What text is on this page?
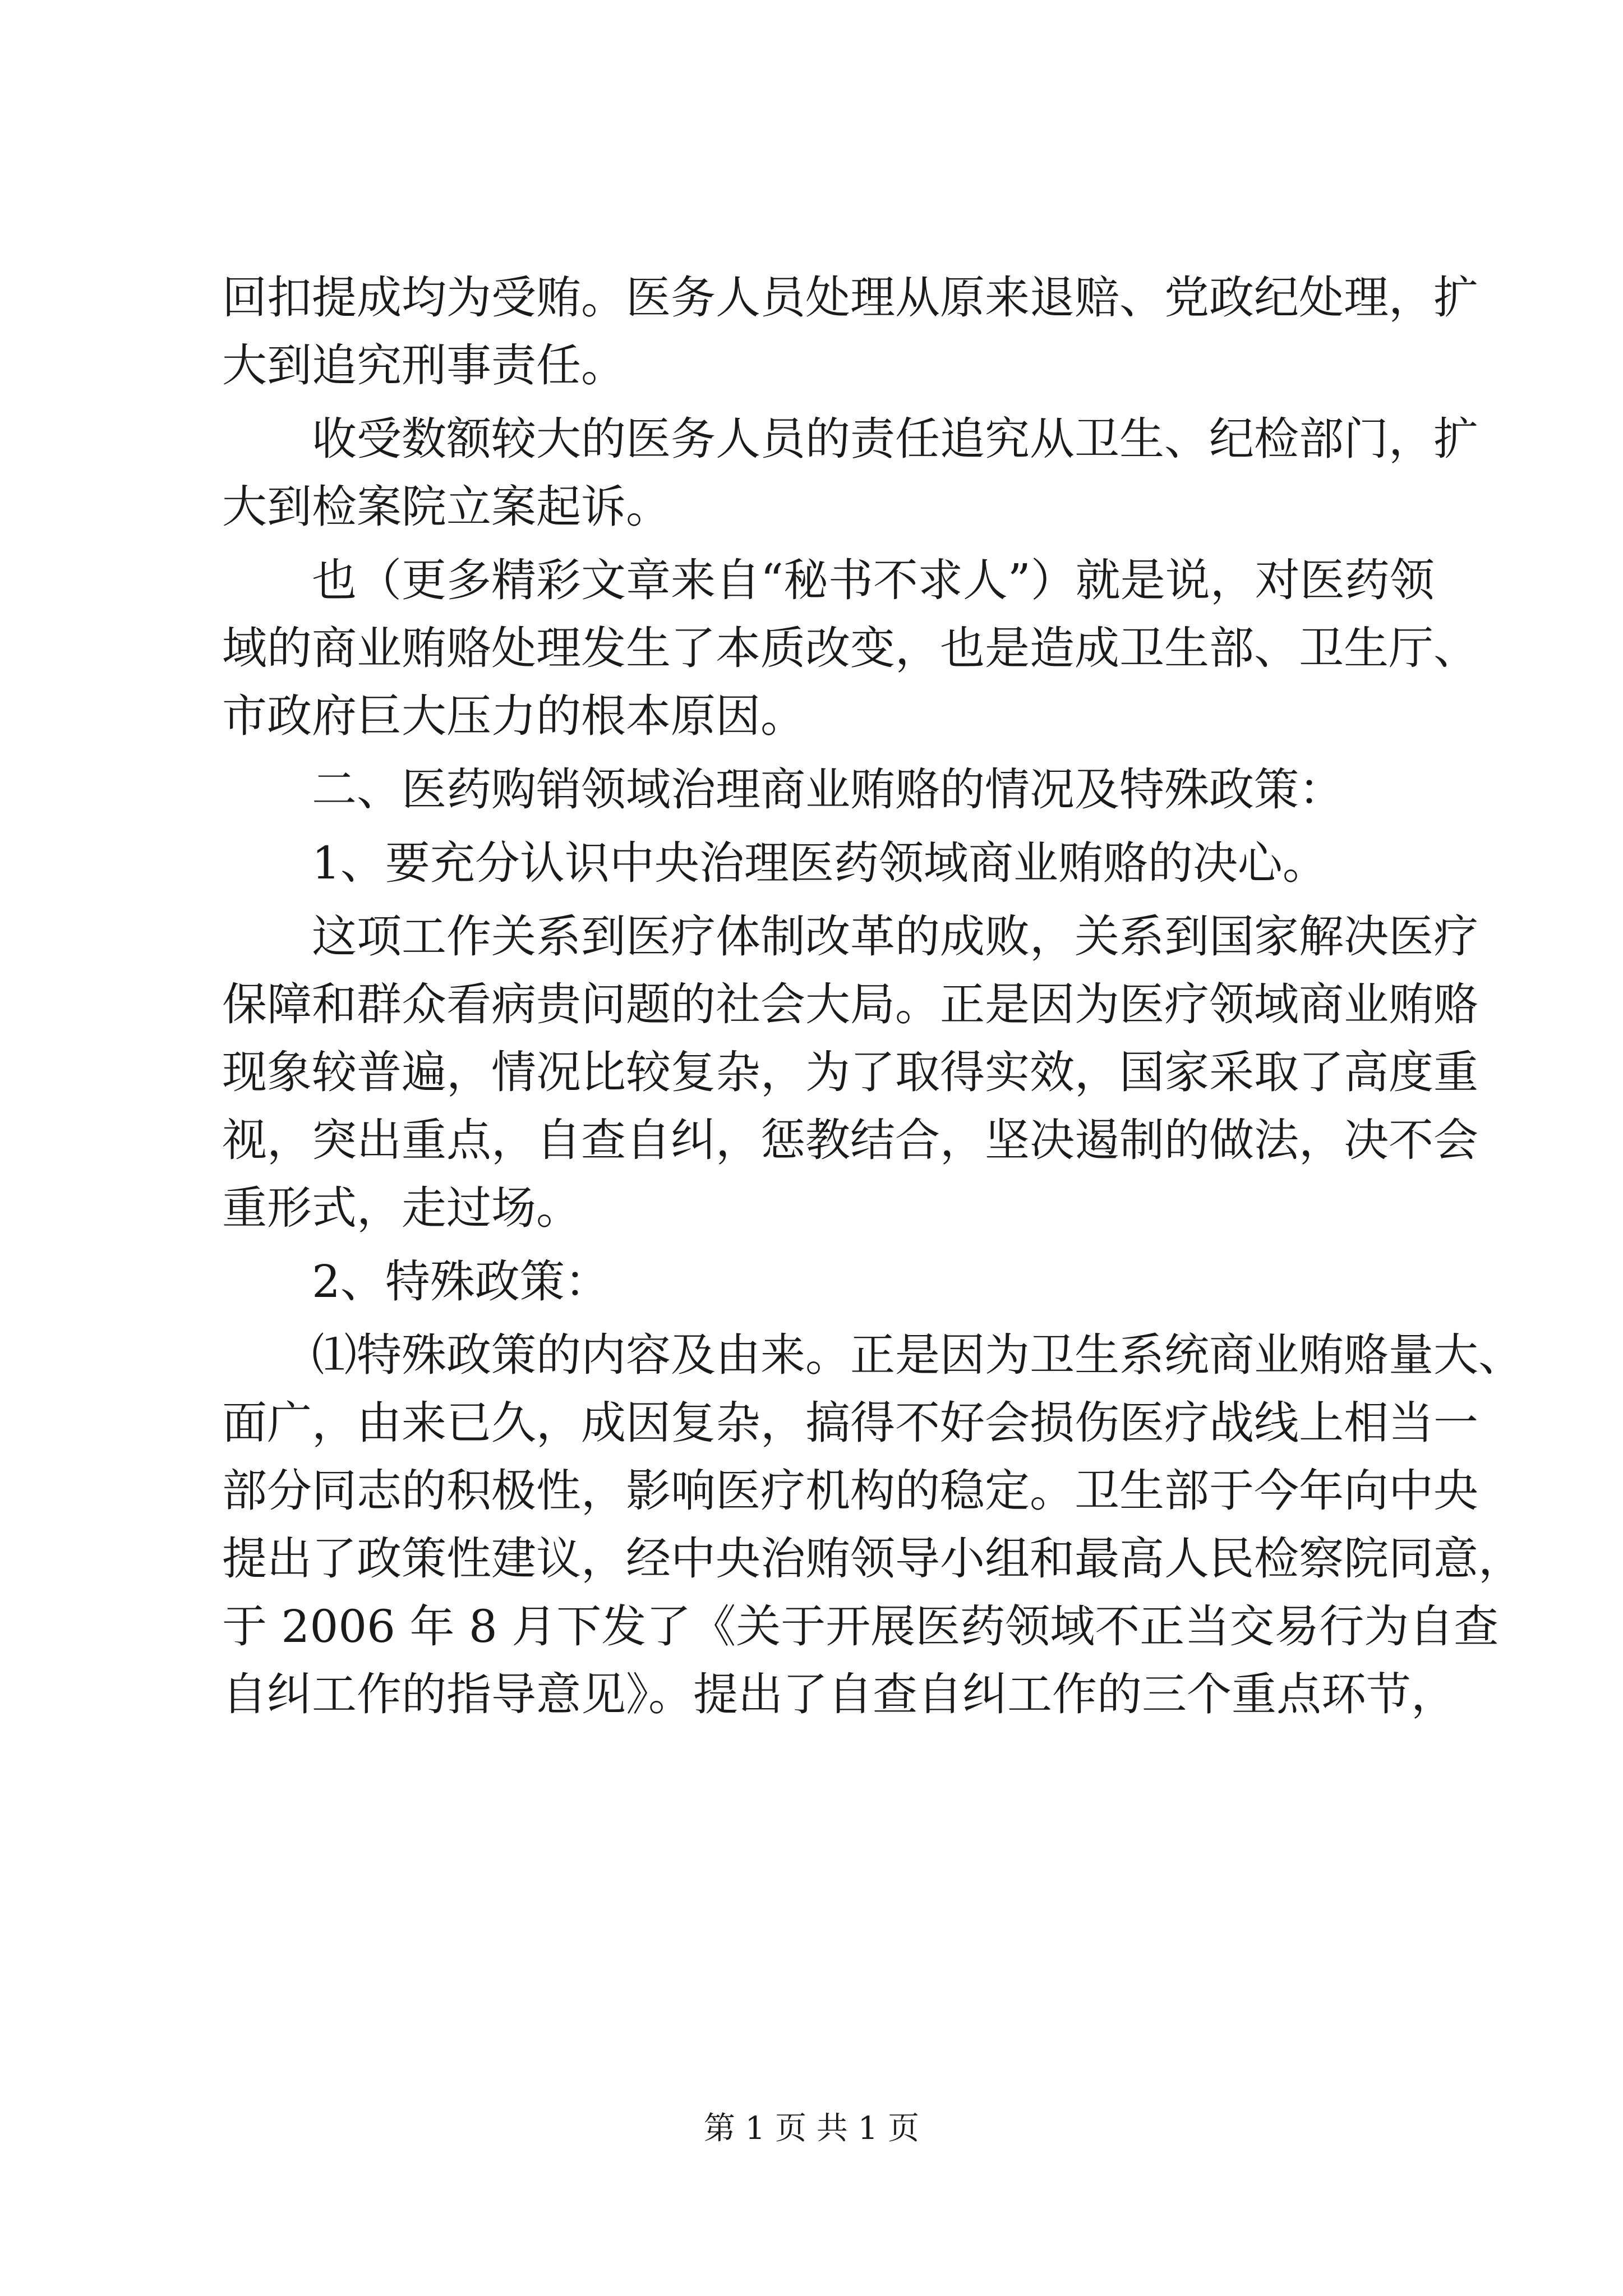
回扣提成均为受贿。医务人员处理从原来退赔、党政纪处理，扩
大到追究刑事责任。
　　收受数额较大的医务人员的责任追究从卫生、纪检部门，扩
大到检案院立案起诉。
　　也（更多精彩文章来自“秘书不求人”）就是说，对医药领
域的商业贿赂处理发生了本质改变，也是造成卫生部、卫生厅、
市政府巨大压力的根本原因。
　　二、医药购销领域治理商业贿赂的情况及特殊政策：
　　1、要充分认识中央治理医药领域商业贿赂的决心。
　　这项工作关系到医疗体制改革的成败，关系到国家解决医疗
保障和群众看病贵问题的社会大局。正是因为医疗领域商业贿赂
现象较普遍，情况比较复杂，为了取得实效，国家采取了高度重
视，突出重点，自查自纠，惩教结合，坚决遏制的做法，决不会
重形式，走过场。
　　2、特殊政策：
　　⑴特殊政策的内容及由来。正是因为卫生系统商业贿赂量大、
面广，由来已久，成因复杂，搞得不好会损伤医疗战线上相当一
部分同志的积极性，影响医疗机构的稳定。卫生部于今年向中央
提出了政策性建议，经中央治贿领导小组和最高人民检察院同意，
于 2006 年 8 月下发了《关于开展医药领域不正当交易行为自查
自纠工作的指导意见》。提出了自查自纠工作的三个重点环节，
第 1 页 共 1 页
